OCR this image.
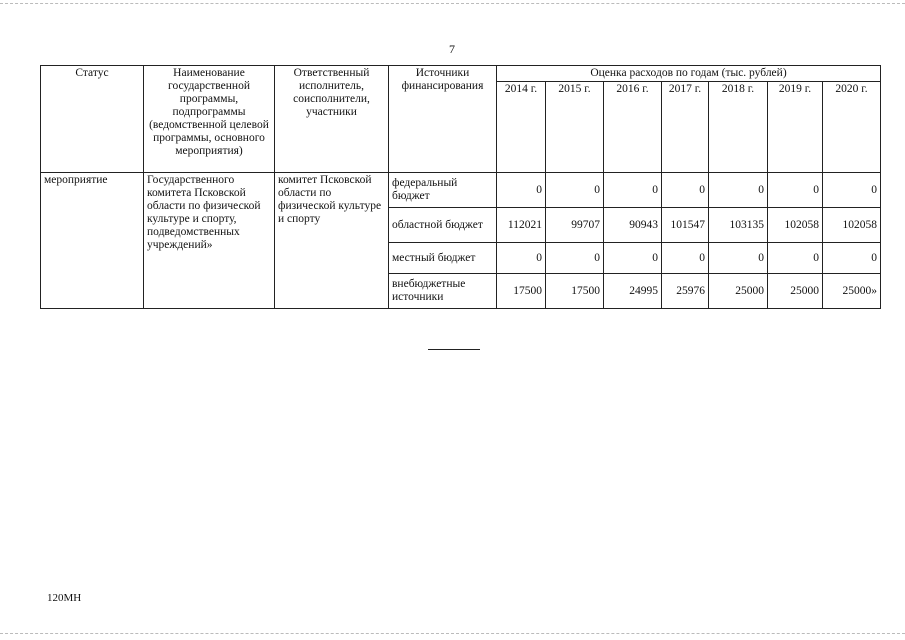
7
Статус	Наименование государственной программы, подпрограммы (ведомственной целевой программы, основного мероприятия)	Ответственный исполнитель, соисполнители, участники	Источники финансирования	Оценка расходов по годам (тыс. рублей)						
				2014 г.	2015 г.	2016 г.	2017 г.	2018 г.	2019 г.	2020 г.
мероприятие	Государственного комитета Псковской области по физической культуре и спорту, подведомственных учреждений»	комитет Псковской области по физической культуре и спорту	федеральный бюджет	0	0	0	0	0	0	0
			областной бюджет	112021	99707	90943	101547	103135	102058	102058
			местный бюджет	0	0	0	0	0	0	0
			внебюджетные источники	17500	17500	24995	25976	25000	25000	25000»
120МН
